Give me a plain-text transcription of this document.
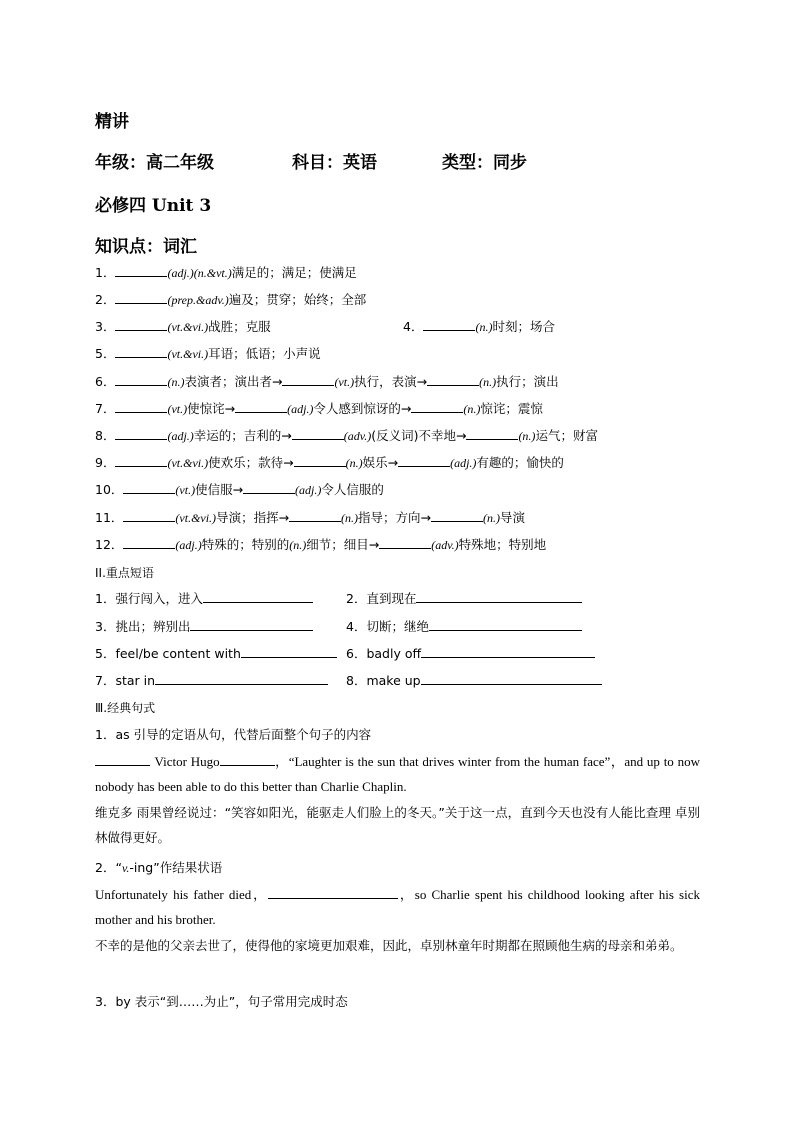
精讲
年级：高二年级	科目：英语	类型：同步
必修四 Unit 3
知识点：词汇
1．	(adj.)(n.&vt.)满足的；满足；使满足
2．	(prep.&adv.)遍及；贯穿；始终；全部
3．	(vt.&vi.)战胜；克服	4．	(n.)时刻；场合
5．	(vt.&vi.)耳语；低语；小声说
6．	(n.)表演者；演出者→	(vt.)执行，表演→	(n.)执行；演出
7．	(vt.)使惊诧→	(adj.)令人感到惊讶的→	(n.)惊诧；震惊
8．	(adj.)幸运的；吉利的→	(adv.)(反义词)不幸地→	(n.)运气；财富
9．	(vt.&vi.)使欢乐；款待→	(n.)娱乐→	(adj.)有趣的；愉快的
10．	(vt.)使信服→	(adj.)令人信服的
11．	(vt.&vi.)导演；指挥→	(n.)指导；方向→	(n.)导演
12．	(adj.)特殊的；特别的(n.)细节；细目→	(adv.)特殊地；特别地
II.重点短语
1．强行闯入，进入	2．直到现在
3．挑出；辨别出	4．切断；继绝
5．feel/be content with	6．badly off
7．star in	8．make up
Ⅲ.经典句式
1．as 引导的定语从句，代替后面整个句子的内容
Victor Hugo	，“Laughter is the sun that drives winter from the human face”，and up to now nobody has been able to do this better than Charlie Chaplin.
维克多 雨果曾经说过：“笑容如阳光，能驱走人们脸上的冬天。”关于这一点，直到今天也没有人能比查理 卓别林做得更好。
2．“v.-ing”作结果状语
Unfortunately his father died，	，so Charlie spent his childhood looking after his sick mother and his brother.
不幸的是他的父亲去世了，使得他的家境更加艰难，因此，卓别林童年时期都在照顾他生病的母亲和弟弟。
3．by 表示“到……为止”，句子常用完成时态
